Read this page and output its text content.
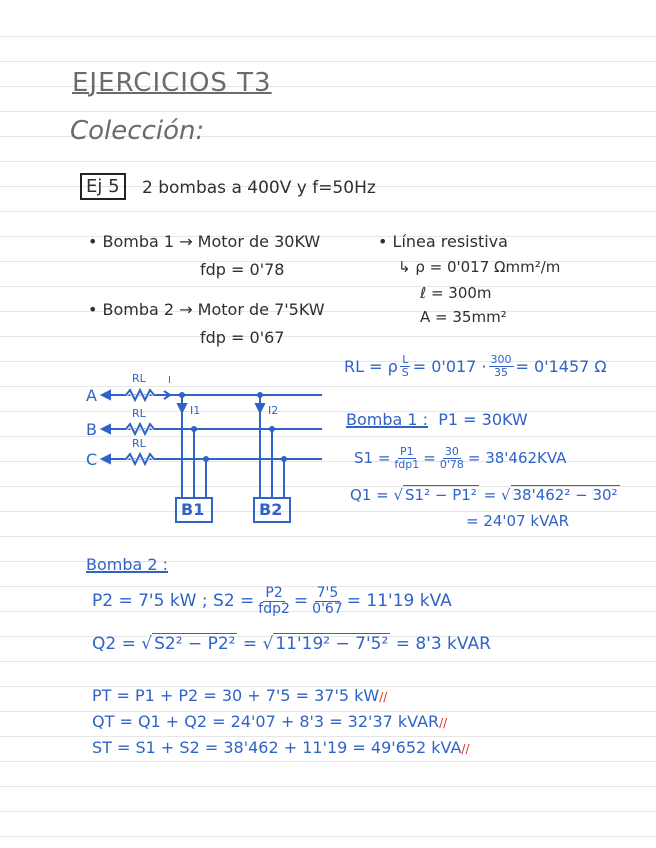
EJERCICIOS T3
Colección:
Ej 5	2 bombas a 400V y f=50Hz
• Bomba 1 → Motor de 30KW
fdp = 0'78
• Bomba 2 → Motor de 7'5KW
fdp = 0'67
• Línea resistiva
↳ ρ = 0'017 Ωmm²/m
ℓ = 300m
A = 35mm²
RL = ρ $\frac{L}{S} = 0'017 \cdot \frac{300}{35} = 0'1457$ Ω
Bomba 1 : P1 = 30KW
$S1 = \frac{P1}{\text{fdp1}} = \frac{30}{0'78} = 38'462KVA$
Q1 = √ S1² − P1² = √ 38'462² − 30²
= 24'07 kVAR
A
B
C
RL
RL
RL
I
I1	I2
B1	B2
Bomba 2 :
P2 = 7'5 kW ;
$S2 = \frac{P2}{\text{fdp2}} = \frac{7'5}{0'67} = 11'19$ kVA
Q2 = √ S2² − P2² = √ 11'19² − 7'5² = 8'3 kVAR
PT = P1 + P2 = 30 + 7'5 = 37'5 kW//
QT = Q1 + Q2 = 24'07 + 8'3 = 32'37 kVAR//
ST = S1 + S2 = 38'462 + 11'19 = 49'652 kVA//
